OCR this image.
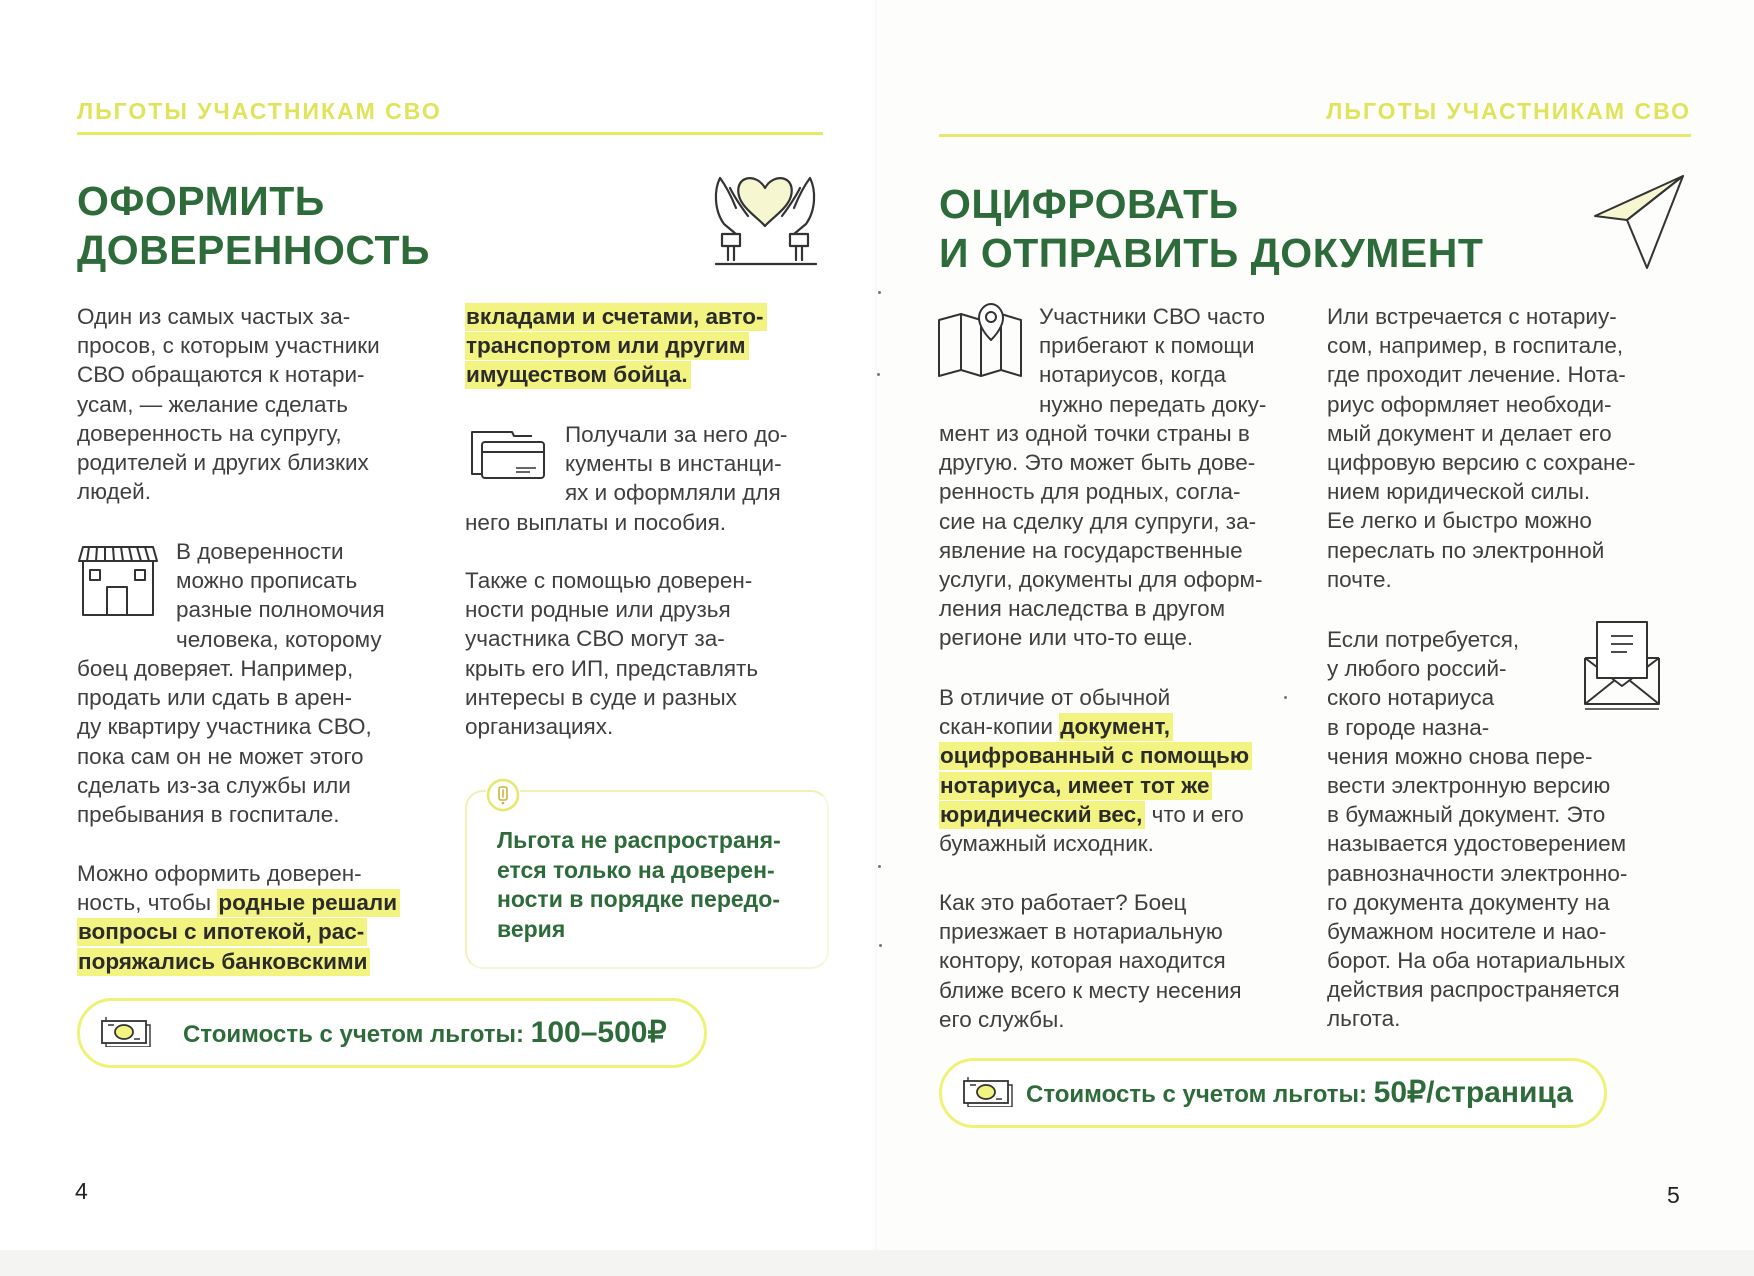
ЛЬГОТЫ УЧАСТНИКАМ СВО
ОФОРМИТЬ
ДОВЕРЕННОСТЬ
Один из самых частых за-
просов, с которым участники
СВО обращаются к нотари-
усам, — желание сделать
доверенность на супругу,
родителей и других близких
людей.
В доверенности
можно прописать
разные полномочия
человека, которому
боец доверяет. Например,
продать или сдать в арен-
ду квартиру участника СВО,
пока сам он не может этого
сделать из-за службы или
пребывания в госпитале.
Можно оформить доверен-
ность, чтобы родные решали
вопросы с ипотекой, рас-
поряжались банковскими
вкладами и счетами, авто-
транспортом или другим
имуществом бойца.
Получали за него до-
кументы в инстанци-
ях и оформляли для
него выплаты и пособия.
Также с помощью доверен-
ности родные или друзья
участника СВО могут за-
крыть его ИП, представлять
интересы в суде и разных
организациях.
Льгота не распространя-
ется только на доверен-
ности в порядке передо-
верия
Стоимость с учетом льготы: 100–500₽
4
ЛЬГОТЫ УЧАСТНИКАМ СВО
ОЦИФРОВАТЬ
И ОТПРАВИТЬ ДОКУМЕНТ
Участники СВО часто
прибегают к помощи
нотариусов, когда
нужно передать доку-
мент из одной точки страны в
другую. Это может быть дове-
ренность для родных, согла-
сие на сделку для супруги, за-
явление на государственные
услуги, документы для оформ-
ления наследства в другом
регионе или что-то еще.
В отличие от обычной
скан-копии документ,
оцифрованный с помощью
нотариуса, имеет тот же
юридический вес, что и его
бумажный исходник.
Как это работает? Боец
приезжает в нотариальную
контору, которая находится
ближе всего к месту несения
его службы.
Или встречается с нотариу-
сом, например, в госпитале,
где проходит лечение. Нота-
риус оформляет необходи-
мый документ и делает его
цифровую версию с сохране-
нием юридической силы.
Ее легко и быстро можно
переслать по электронной
почте.
Если потребуется,
у любого россий-
ского нотариуса
в городе назна-
чения можно снова пере-
вести электронную версию
в бумажный документ. Это
называется удостоверением
равнозначности электронно-
го документа документу на
бумажном носителе и нао-
борот. На оба нотариальных
действия распространяется
льгота.
Стоимость с учетом льготы: 50₽/страница
5
